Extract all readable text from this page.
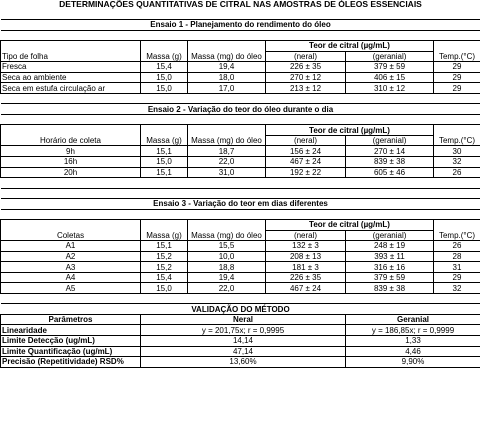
DETERMINAÇÕES QUANTITATIVAS DE CITRAL NAS AMOSTRAS DE ÓLEOS ESSENCIAIS					

Ensaio 1 - Planejamento do rendimento do óleo					

			Teor de citral (µg/mL)		
Tipo de folha	Massa (g)	Massa (mg) do óleo	(neral)	(geranial)	Temp.(°C)
Fresca	15,4	19,4	226 ± 35	379 ± 59	29
Seca ao ambiente	15,0	18,0	270 ± 12	406 ± 15	29
Seca em estufa circulação ar	15,0	17,0	213 ± 12	310 ± 12	29

Ensaio 2 - Variação do teor do óleo durante o dia					

			Teor de citral (µg/mL)		
Horário de coleta	Massa (g)	Massa (mg) do óleo	(neral)	(geranial)	Temp.(°C)
9h	15,1	18,7	156 ± 24	270 ± 14	30
16h	15,0	22,0	467 ± 24	839 ± 38	32
20h	15,1	31,0	192 ± 22	605 ± 46	26

Ensaio 3 - Variação do teor em dias diferentes					

			Teor de citral (µg/mL)		
Coletas	Massa (g)	Massa (mg) do óleo	(neral)	(geranial)	Temp.(°C)
A1	15,1	15,5	132 ± 3	248 ± 19	26
A2	15,2	10,0	208 ± 13	393 ± 11	28
A3	15,2	18,8	181 ± 3	316 ± 16	31
A4	15,4	19,4	226 ± 35	379 ± 59	29
A5	15,0	22,0	467 ± 24	839 ± 38	32

VALIDAÇÃO DO MÉTODO					
Parâmetros	Neral			Geranial	
Linearidade	y = 201,75x; r = 0,9995			y = 186,85x; r = 0,9999	
Limite Detecção (ug/mL)	14,14			1,33	
Limite Quantificação (ug/mL)	47,14			4,46	
Precisão (Repetitividade) RSD%	13,60%			9,90%	
